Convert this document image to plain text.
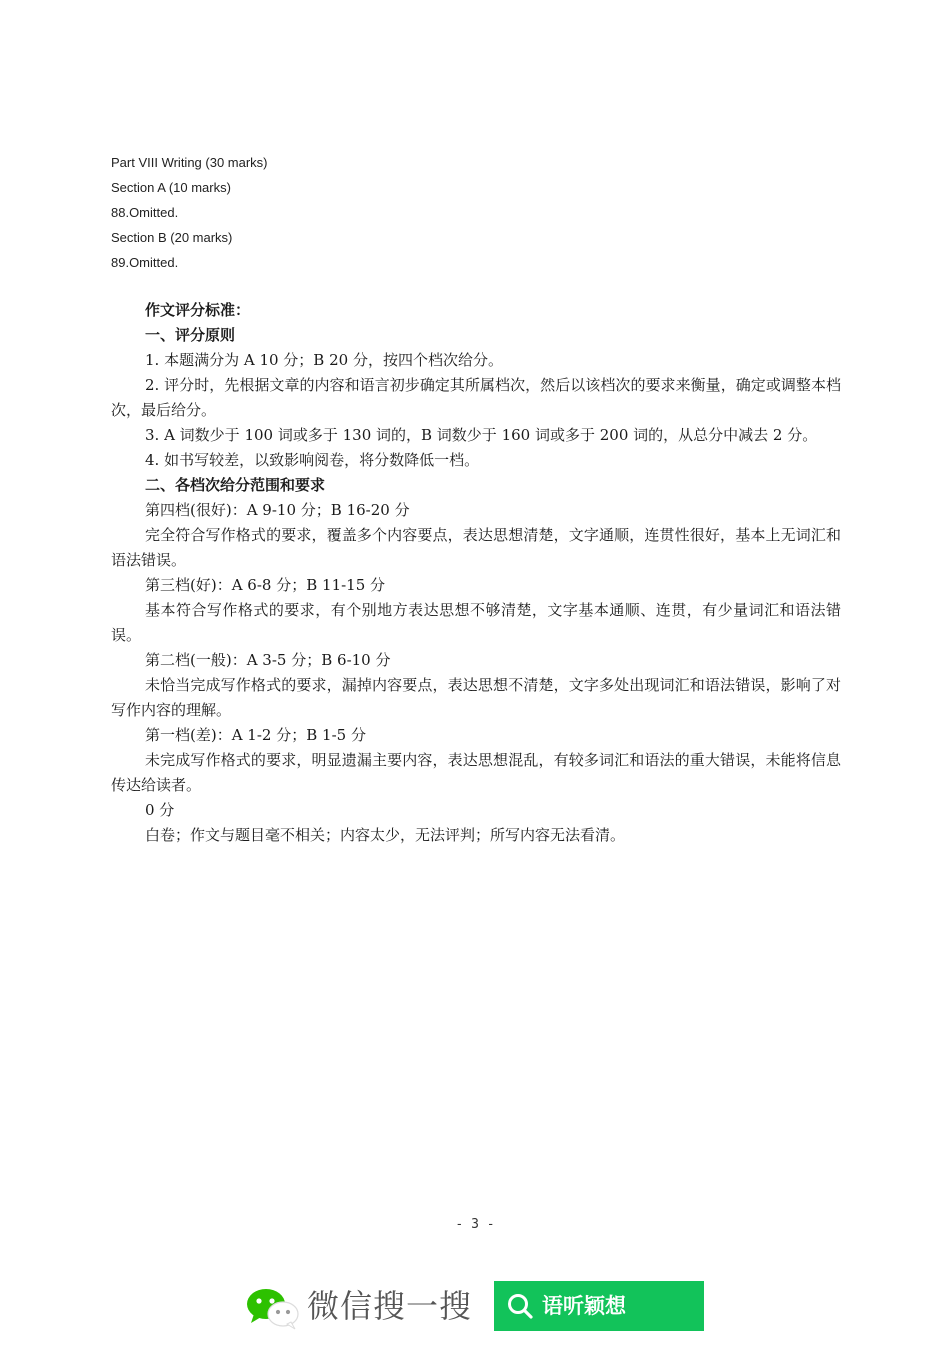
Part VIII Writing (30 marks)
Section A (10 marks)
88.Omitted.
Section B (20 marks)
89.Omitted.

作文评分标准：

一、评分原则

1. 本题满分为 A 10 分；B 20 分，按四个档次给分。

2. 评分时，先根据文章的内容和语言初步确定其所属档次，然后以该档次的要求来衡量，确定或调整本档次，最后给分。

3. A 词数少于 100 词或多于 130 词的，B 词数少于 160 词或多于 200 词的，从总分中减去 2 分。

4. 如书写较差，以致影响阅卷，将分数降低一档。

二、各档次给分范围和要求

第四档(很好)：A 9-10 分；B 16-20 分

完全符合写作格式的要求，覆盖多个内容要点，表达思想清楚，文字通顺，连贯性很好，基本上无词汇和语法错误。

第三档(好)：A 6-8 分；B 11-15 分

基本符合写作格式的要求，有个别地方表达思想不够清楚，文字基本通顺、连贯，有少量词汇和语法错误。

第二档(一般)：A 3-5 分；B 6-10 分

未恰当完成写作格式的要求，漏掉内容要点，表达思想不清楚，文字多处出现词汇和语法错误，影响了对写作内容的理解。

第一档(差)：A 1-2 分；B 1-5 分

未完成写作格式的要求，明显遗漏主要内容，表达思想混乱，有较多词汇和语法的重大错误，未能将信息传达给读者。

0 分

白卷；作文与题目毫不相关；内容太少，无法评判；所写内容无法看清。

- 3 -
微信搜一搜	语听颖想
